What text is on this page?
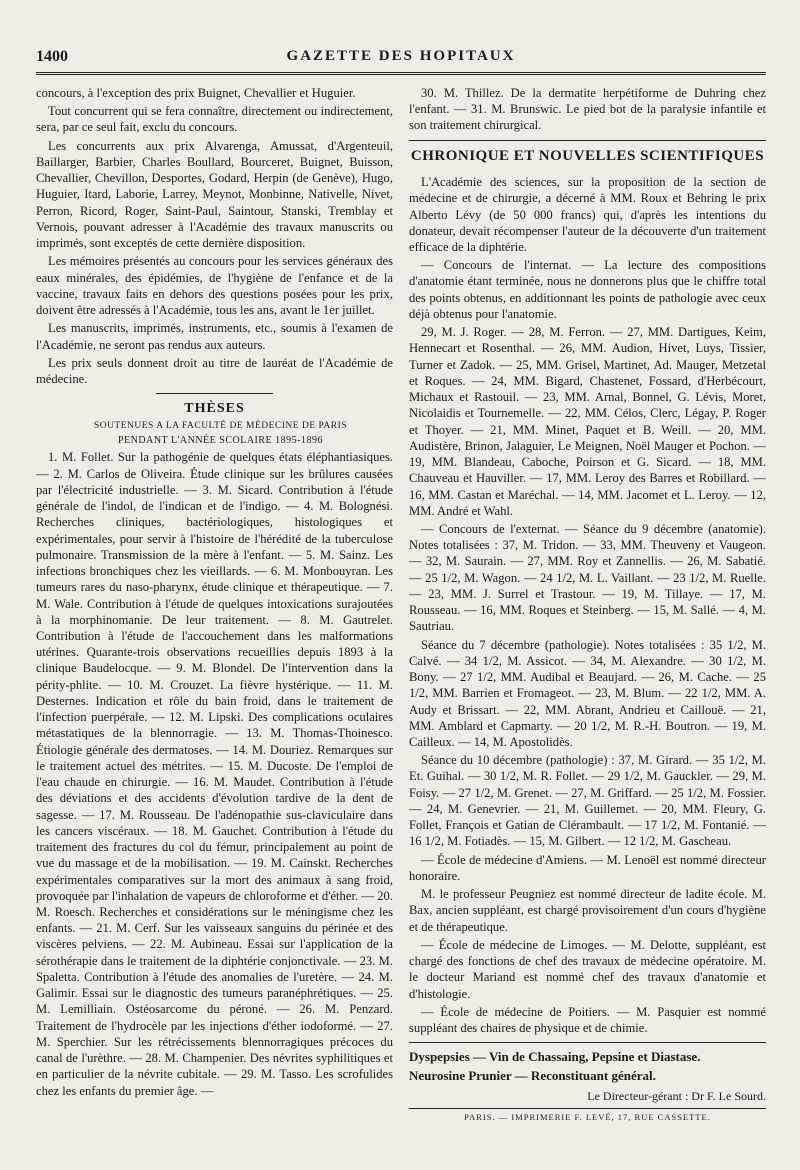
1400	GAZETTE DES HOPITAUX

concours, à l'exception des prix Buignet, Chevallier et Huguier.

Tout concurrent qui se fera connaître, directement ou indirectement, sera, par ce seul fait, exclu du concours.

Les concurrents aux prix Alvarenga, Amussat, d'Argenteuil, Baillarger, Barbier, Charles Boullard, Bourceret, Buignet, Buisson, Chevallier, Chevillon, Desportes, Godard, Herpin (de Genève), Hugo, Huguier, Itard, Laborie, Larrey, Meynot, Monbinne, Nativelle, Nivet, Perron, Ricord, Roger, Saint-Paul, Saintour, Stanski, Tremblay et Vernois, pouvant adresser à l'Académie des travaux manuscrits ou imprimés, sont exceptés de cette dernière disposition.

Les mémoires présentés au concours pour les services généraux des eaux minérales, des épidémies, de l'hygiène de l'enfance et de la vaccine, travaux faits en dehors des questions posées pour les prix, doivent être adressés à l'Académie, tous les ans, avant le 1er juillet.

Les manuscrits, imprimés, instruments, etc., soumis à l'examen de l'Académie, ne seront pas rendus aux auteurs.

Les prix seuls donnent droit au titre de lauréat de l'Académie de médecine.

THÈSES

SOUTENUES A LA FACULTÉ DE MÉDECINE DE PARIS

PENDANT L'ANNÉE SCOLAIRE 1895-1896

1. M. Follet. Sur la pathogénie de quelques états éléphantiasiques. — 2. M. Carlos de Oliveira. Étude clinique sur les brûlures causées par l'électricité industrielle. — 3. M. Sicard. Contribution à l'étude générale de l'indol, de l'indican et de l'indigo. — 4. M. Bolognési. Recherches cliniques, bactériologiques, histologiques et expérimentales, pour servir à l'histoire de l'hérédité de la tuberculose pulmonaire. Transmission de la mère à l'enfant. — 5. M. Sainz. Les infections bronchiques chez les vieillards. — 6. M. Monbouyran. Les tumeurs rares du naso-pharynx, étude clinique et thérapeutique. — 7. M. Wale. Contribution à l'étude de quelques intoxications surajoutées à la morphinomanie. De leur traitement. — 8. M. Gautrelet. Contribution à l'étude de l'accouchement dans les malformations utérines. Quarante-trois observations recueillies depuis 1893 à la clinique Baudelocque. — 9. M. Blondel. De l'intervention dans la périty-phlite. — 10. M. Crouzet. La fièvre hystérique. — 11. M. Desternes. Indication et rôle du bain froid, dans le traitement de l'infection puerpérale. — 12. M. Lipski. Des complications oculaires métastatiques de la blennorragie. — 13. M. Thomas-Thoinesco. Étiologie générale des dermatoses. — 14. M. Douriez. Remarques sur le traitement actuel des métrites. — 15. M. Ducoste. De l'emploi de l'eau chaude en chirurgie. — 16. M. Maudet. Contribution à l'étude des déviations et des accidents d'évolution tardive de la dent de sagesse. — 17. M. Rousseau. De l'adénopathie sus-claviculaire dans les cancers viscéraux. — 18. M. Gauchet. Contribution à l'étude du traitement des fractures du col du fémur, principalement au point de vue du massage et de la mobilisation. — 19. M. Cainskt. Recherches expérimentales comparatives sur la mort des animaux à sang froid, provoquée par l'inhalation de vapeurs de chloroforme et d'éther. — 20. M. Roesch. Recherches et considérations sur le méningisme chez les enfants. — 21. M. Cerf. Sur les vaisseaux sanguins du périnée et des viscères pelviens. — 22. M. Aubineau. Essai sur l'application de la sérothérapie dans le traitement de la diphtérie conjonctivale. — 23. M. Spaletta. Contribution à l'étude des anomalies de l'uretère. — 24. M. Galimir. Essai sur le diagnostic des tumeurs paranéphrétiques. — 25. M. Lemilliain. Ostéosarcome du péroné. — 26. M. Penzard. Traitement de l'hydrocèle par les injections d'éther iodoformé. — 27. M. Sperchier. Sur les rétrécissements blennorragiques précoces du canal de l'urèthre. — 28. M. Champenier. Des névrites syphilitiques et en particulier de la névrite cubitale. — 29. M. Tasso. Les scrofulides chez les enfants du premier âge. —

30. M. Thillez. De la dermatite herpétiforme de Duhring chez l'enfant. — 31. M. Brunswic. Le pied bot de la paralysie infantile et son traitement chirurgical.

CHRONIQUE ET NOUVELLES SCIENTIFIQUES

L'Académie des sciences, sur la proposition de la section de médecine et de chirurgie, a décerné à MM. Roux et Behring le prix Alberto Lévy (de 50 000 francs) qui, d'après les intentions du donateur, devait récompenser l'auteur de la découverte d'un traitement efficace de la diphtérie.

— Concours de l'internat. — La lecture des compositions d'anatomie étant terminée, nous ne donnerons plus que le chiffre total des points obtenus, en additionnant les points de pathologie avec ceux déjà obtenus pour l'anatomie.

29, M. J. Roger. — 28, M. Ferron. — 27, MM. Dartigues, Keim, Hennecart et Rosenthal. — 26, MM. Audion, Hivet, Luys, Tissier, Turner et Zadok. — 25, MM. Grisel, Martinet, Ad. Mauger, Metzetal et Roques. — 24, MM. Bigard, Chastenet, Fossard, d'Herbécourt, Michaux et Rastouil. — 23, MM. Arnal, Bonnel, G. Lévis, Moret, Nicolaidis et Tournemelle. — 22, MM. Célos, Clerc, Légay, P. Roger et Thoyer. — 21, MM. Minet, Paquet et B. Weill. — 20, MM. Audistère, Brinon, Jalaguier, Le Meignen, Noël Mauger et Pochon. — 19, MM. Blandeau, Caboche, Poirson et G. Sicard. — 18, MM. Chauveau et Hauviller. — 17, MM. Leroy des Barres et Robillard. — 16, MM. Castan et Maréchal. — 14, MM. Jacomet et L. Leroy. — 12, MM. André et Wahl.

— Concours de l'externat. — Séance du 9 décembre (anatomie). Notes totalisées : 37, M. Tridon. — 33, MM. Theuveny et Vaugeon. — 32, M. Saurain. — 27, MM. Roy et Zannellis. — 26, M. Sabatié. — 25 1/2, M. Wagon. — 24 1/2, M. L. Vaillant. — 23 1/2, M. Ruelle. — 23, MM. J. Surrel et Trastour. — 19, M. Tillaye. — 17, M. Rousseau. — 16, MM. Roques et Steinberg. — 15, M. Sallé. — 4, M. Sautriau.

Séance du 7 décembre (pathologie). Notes totalisées : 35 1/2, M. Calvé. — 34 1/2, M. Assicot. — 34, M. Alexandre. — 30 1/2, M. Bony. — 27 1/2, MM. Audibal et Beaujard. — 26, M. Cache. — 25 1/2, MM. Barrien et Fromageot. — 23, M. Blum. — 22 1/2, MM. A. Audy et Brissart. — 22, MM. Abrant, Andrieu et Caillouë. — 21, MM. Amblard et Capmarty. — 20 1/2, M. R.-H. Boutron. — 19, M. Cailleux. — 14, M. Apostolidès.

Séance du 10 décembre (pathologie) : 37, M. Girard. — 35 1/2, M. Et. Guihal. — 30 1/2, M. R. Follet. — 29 1/2, M. Gauckler. — 29, M. Foisy. — 27 1/2, M. Grenet. — 27, M. Griffard. — 25 1/2, M. Fossier. — 24, M. Genevrier. — 21, M. Guillemet. — 20, MM. Fleury, G. Follet, François et Gatian de Clérambault. — 17 1/2, M. Fontanié. — 16 1/2, M. Fotiadès. — 15, M. Gilbert. — 12 1/2, M. Gascheau.

— École de médecine d'Amiens. — M. Lenoël est nommé directeur honoraire.

M. le professeur Peugniez est nommé directeur de ladite école. M. Bax, ancien suppléant, est chargé provisoirement d'un cours d'hygiène et de thérapeutique.

— École de médecine de Limoges. — M. Delotte, suppléant, est chargé des fonctions de chef des travaux de médecine opératoire. M. le docteur Mariand est nommé chef des travaux d'anatomie et d'histologie.

— École de médecine de Poitiers. — M. Pasquier est nommé suppléant des chaires de physique et de chimie.

Dyspepsies — Vin de Chassaing, Pepsine et Diastase.
Neurosine Prunier — Reconstituant général.
Le Directeur-gérant : Dr F. Le Sourd.
PARIS. — IMPRIMERIE F. LEVÉ, 17, RUE CASSETTE.
